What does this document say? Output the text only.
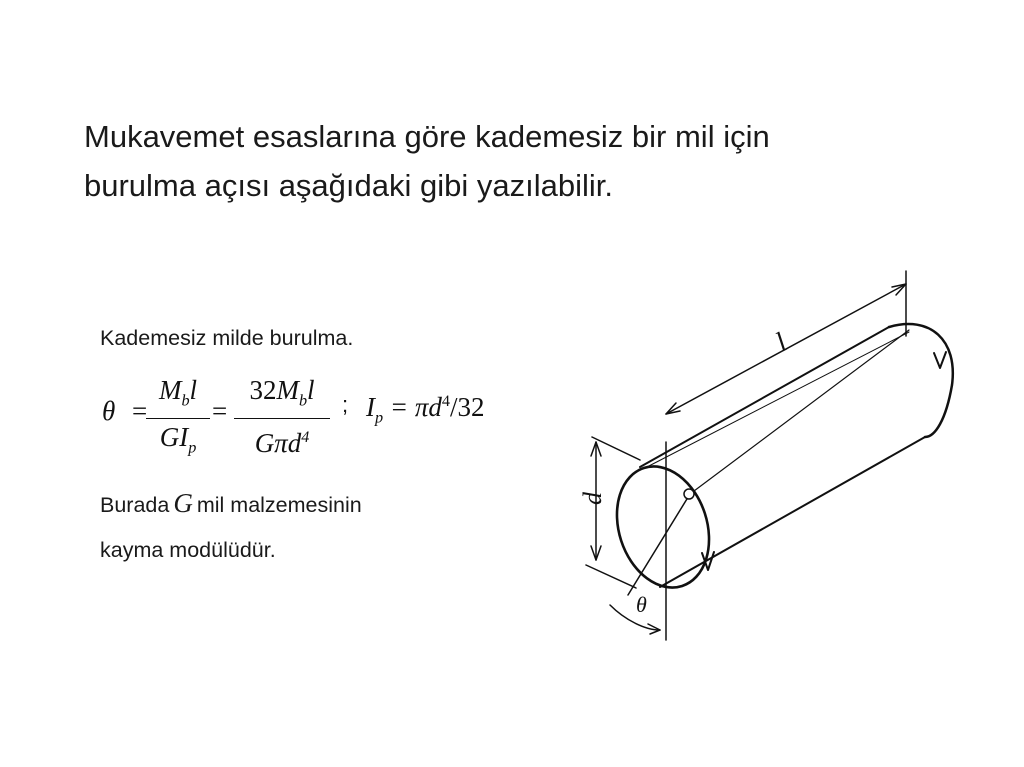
Mukavemet esaslarına göre kademesiz bir mil için
burulma açısı aşağıdaki gibi yazılabilir.
Kademesiz milde burulma.
θ =
$M_bl$
$GI_p$
=
$32M_bl$
Gπd$^4$
; $I_p = \pi d^4/32$
Burada G mil malzemesinin
kayma modülüdür.
l
d
θ
